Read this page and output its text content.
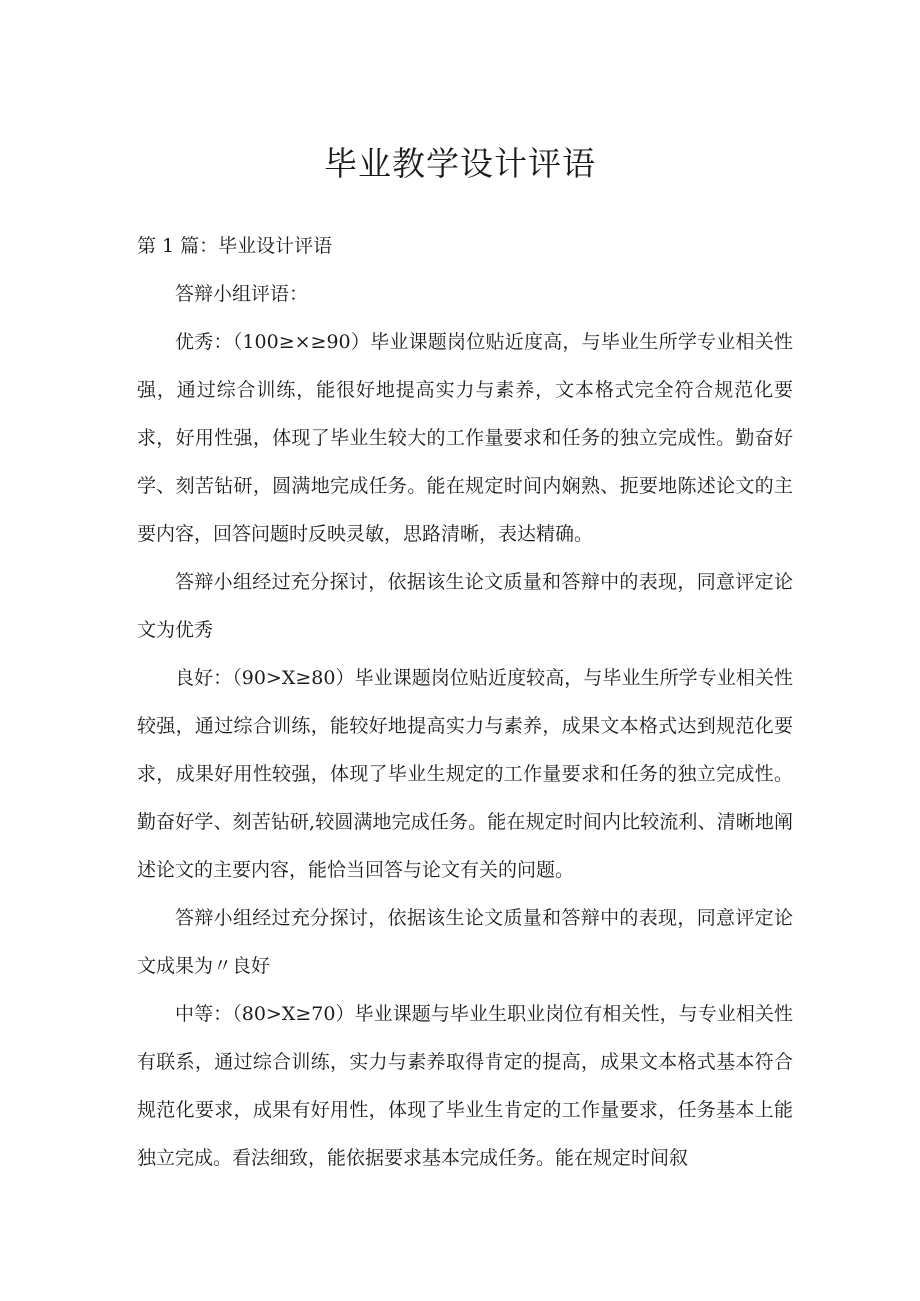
毕业教学设计评语

第 1 篇：毕业设计评语

答辩小组评语：

优秀：（100≥×≥90）毕业课题岗位贴近度高，与毕业生所学专业相关性强，通过综合训练，能很好地提高实力与素养，文本格式完全符合规范化要求，好用性强，体现了毕业生较大的工作量要求和任务的独立完成性。勤奋好学、刻苦钻研，圆满地完成任务。能在规定时间内娴熟、扼要地陈述论文的主要内容，回答问题时反映灵敏，思路清晰，表达精确。

答辩小组经过充分探讨，依据该生论文质量和答辩中的表现，同意评定论文为优秀

良好：（90>X≥80）毕业课题岗位贴近度较高，与毕业生所学专业相关性较强，通过综合训练，能较好地提高实力与素养，成果文本格式达到规范化要求，成果好用性较强，体现了毕业生规定的工作量要求和任务的独立完成性。勤奋好学、刻苦钻研,较圆满地完成任务。能在规定时间内比较流利、清晰地阐述论文的主要内容，能恰当回答与论文有关的问题。

答辩小组经过充分探讨，依据该生论文质量和答辩中的表现，同意评定论文成果为〃良好

中等：（80>X≥70）毕业课题与毕业生职业岗位有相关性，与专业相关性有联系，通过综合训练，实力与素养取得肯定的提高，成果文本格式基本符合规范化要求，成果有好用性，体现了毕业生肯定的工作量要求，任务基本上能独立完成。看法细致，能依据要求基本完成任务。能在规定时间叙
